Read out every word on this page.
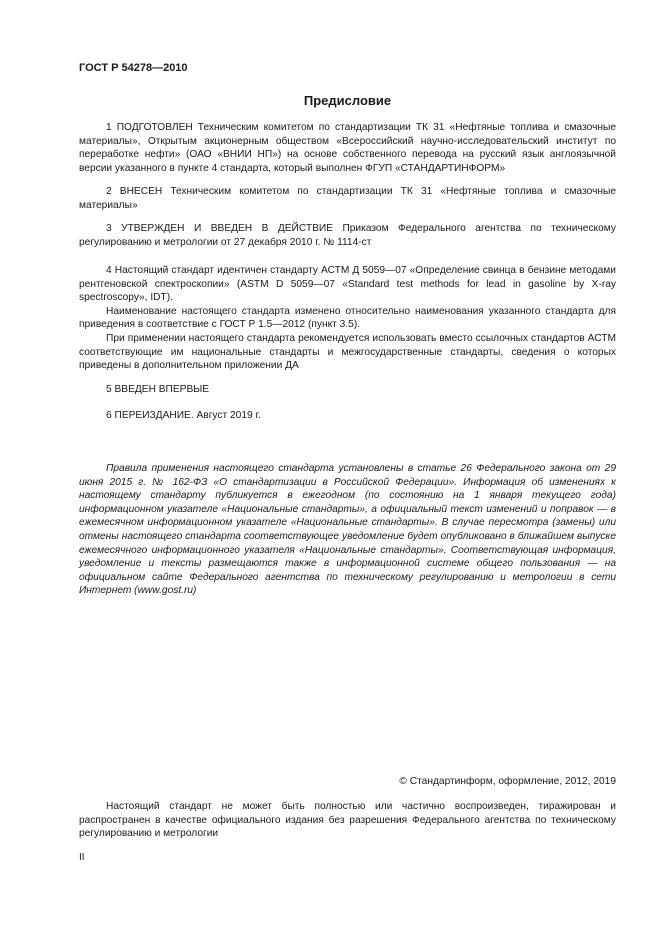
ГОСТ Р 54278—2010
Предисловие

1 ПОДГОТОВЛЕН Техническим комитетом по стандартизации ТК 31 «Нефтяные топлива и смазочные материалы», Открытым акционерным обществом «Всероссийский научно-исследовательский институт по переработке нефти» (ОАО «ВНИИ НП») на основе собственного перевода на русский язык англоязычной версии указанного в пункте 4 стандарта, который выполнен ФГУП «СТАНДАРТИНФОРМ»

2 ВНЕСЕН Техническим комитетом по стандартизации ТК 31 «Нефтяные топлива и смазочные материалы»

3 УТВЕРЖДЕН И ВВЕДЕН В ДЕЙСТВИЕ Приказом Федерального агентства по техническому регулированию и метрологии от 27 декабря 2010 г. № 1114-ст

4 Настоящий стандарт идентичен стандарту АСТМ Д 5059—07 «Определение свинца в бензине методами рентгеновской спектроскопии» (ASTM D 5059—07 «Standard test methods for lead in gasoline by X-ray spectroscopy», IDT).

Наименование настоящего стандарта изменено относительно наименования указанного стандарта для приведения в соответствие с ГОСТ Р 1.5—2012 (пункт 3.5).

При применении настоящего стандарта рекомендуется использовать вместо ссылочных стандартов АСТМ соответствующие им национальные стандарты и межгосударственные стандарты, сведения о которых приведены в дополнительном приложении ДА

5 ВВЕДЕН ВПЕРВЫЕ

6 ПЕРЕИЗДАНИЕ. Август 2019 г.

Правила применения настоящего стандарта установлены в статье 26 Федерального закона от 29 июня 2015 г. № 162-ФЗ «О стандартизации в Российской Федерации». Информация об изменениях к настоящему стандарту публикуется в ежегодном (по состоянию на 1 января текущего года) информационном указателе «Национальные стандарты», а официальный текст изменений и поправок — в ежемесячном информационном указателе «Национальные стандарты». В случае пересмотра (замены) или отмены настоящего стандарта соответствующее уведомление будет опубликовано в ближайшем выпуске ежемесячного информационного указателя «Национальные стандарты». Соответствующая информация, уведомление и тексты размещаются также в информационной системе общего пользования — на официальном сайте Федерального агентства по техническому регулированию и метрологии в сети Интернет (www.gost.ru)

© Стандартинформ, оформление, 2012, 2019

Настоящий стандарт не может быть полностью или частично воспроизведен, тиражирован и распространен в качестве официального издания без разрешения Федерального агентства по техническому регулированию и метрологии

II
